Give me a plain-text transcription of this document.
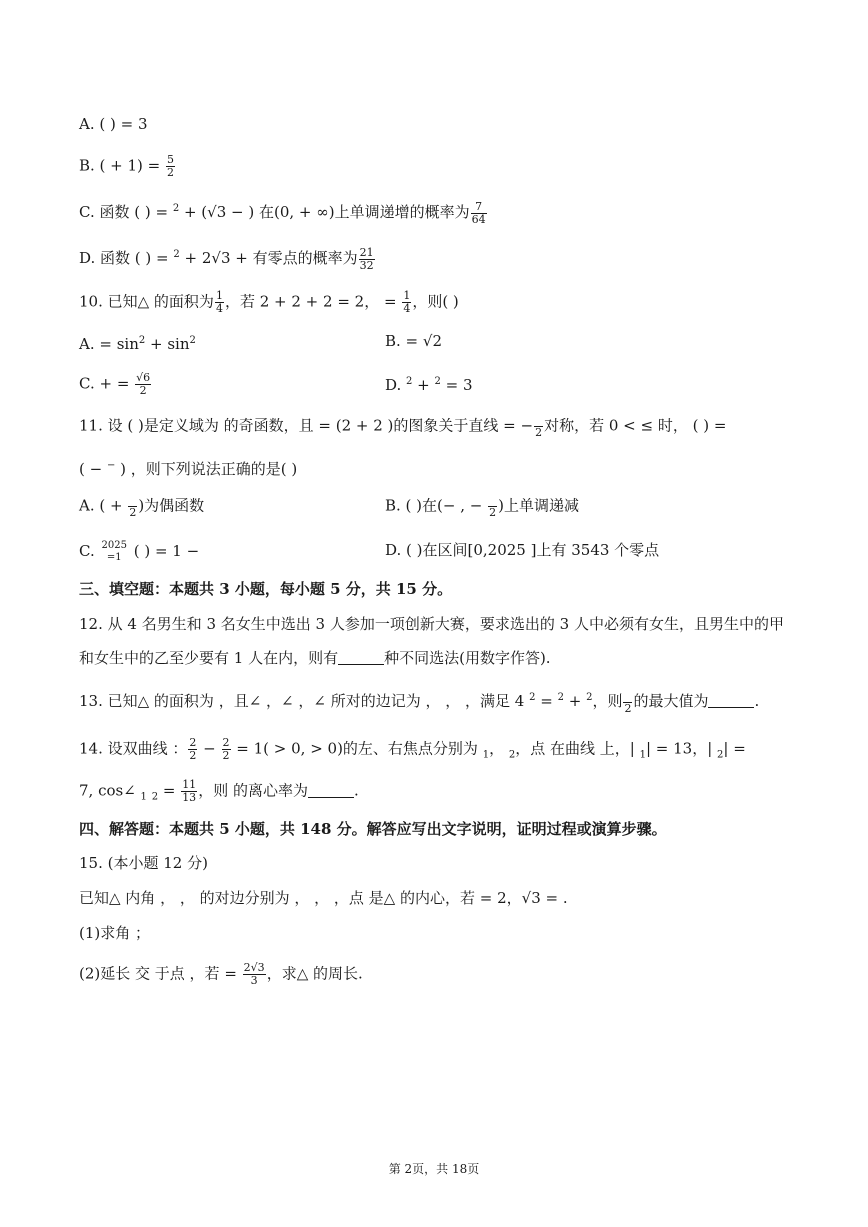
A. ( ) = 3
B. ( + $1) = \frac{5}{2}$
C. 函数 ( ) = $^2$ + (√3 − ) 在(0, + ∞)上单调递增的概率为 $\frac{7}{64}$
D. 函数 ( ) = $^2$ + 2√3 + 有零点的概率为 $\frac{21}{32}$
10. 已知△ 的面积为 $\frac{1}{4}$ ，若 2 + 2 + 2 = 2， = $\frac{1}{4}$ ，则( )
A. = $\sin^2 + \sin^2$	B. = √2
C. + = $\frac{√6}{2}$	D. $^2$ + $^2$ = 3
11. 设 ( )是定义域为 的奇函数，且 = (2 + 2 )的图象关于直线 = −
2 对称，若 0 < ≤ 时， ( ) =
( − − ) ，则下列说法正确的是( )
A. ( +
2 )为偶函数	B. ( )在(− , −
2 )上单调递减
C. 2025
=1 ( ) = 1 −	D. ( )在区间[0,2025 ]上有 3543 个零点
三、填空题：本题共 3 小题，每小题 5 分，共 15 分。
12. 从 4 名男生和 3 名女生中选出 3 人参加一项创新大赛，要求选出的 3 人中必须有女生，且男生中的甲
和女生中的乙至少要有 1 人在内，则有	种不同选法(用数字作答).
13. 已知△ 的面积为 ，且∠ ，∠ ，∠ 所对的边记为 ， ， ，满足 4 $^2$ = $^2$ + $^2$，则
2 的最大值为	.
14. 设双曲线 ： $\frac{2}{2} - \frac{2}{2} = 1( > 0$, > 0)的左、右焦点分别为 $_1$， $_2$，点 在曲线 上，| $_1$| = 13，| $_2$| =
7, cos∠ $_1$ $_2 = \frac{11}{13}$ ，则 的离心率为	.
四、解答题：本题共 5 小题，共 148 分。解答应写出文字说明，证明过程或演算步骤。
15. (本小题 12 分)
已知△ 内角 ， ， 的对边分别为 ， ， ，点 是△ 的内心，若 = 2，√3 = .
(1)求角 ；
(2)延长 交 于点 ，若 = $\frac{2√3}{3}$ ，求△ 的周长.
第 2页，共 18页
